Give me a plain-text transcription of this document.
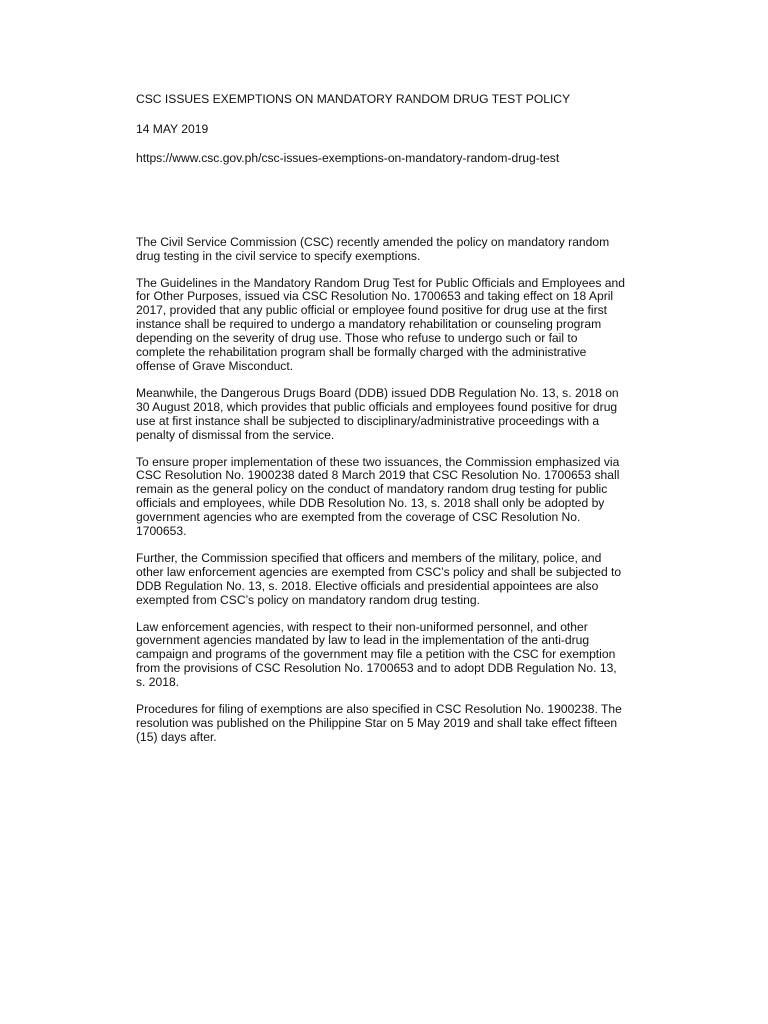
CSC ISSUES EXEMPTIONS ON MANDATORY RANDOM DRUG TEST POLICY

14 MAY 2019

https://www.csc.gov.ph/csc-issues-exemptions-on-mandatory-random-drug-test

The Civil Service Commission (CSC) recently amended the policy on mandatory random
drug testing in the civil service to specify exemptions.

The Guidelines in the Mandatory Random Drug Test for Public Officials and Employees and
for Other Purposes, issued via CSC Resolution No. 1700653 and taking effect on 18 April
2017, provided that any public official or employee found positive for drug use at the first
instance shall be required to undergo a mandatory rehabilitation or counseling program
depending on the severity of drug use. Those who refuse to undergo such or fail to
complete the rehabilitation program shall be formally charged with the administrative
offense of Grave Misconduct.

Meanwhile, the Dangerous Drugs Board (DDB) issued DDB Regulation No. 13, s. 2018 on
30 August 2018, which provides that public officials and employees found positive for drug
use at first instance shall be subjected to disciplinary/administrative proceedings with a
penalty of dismissal from the service.

To ensure proper implementation of these two issuances, the Commission emphasized via
CSC Resolution No. 1900238 dated 8 March 2019 that CSC Resolution No. 1700653 shall
remain as the general policy on the conduct of mandatory random drug testing for public
officials and employees, while DDB Resolution No. 13, s. 2018 shall only be adopted by
government agencies who are exempted from the coverage of CSC Resolution No.
1700653.

Further, the Commission specified that officers and members of the military, police, and
other law enforcement agencies are exempted from CSC’s policy and shall be subjected to
DDB Regulation No. 13, s. 2018. Elective officials and presidential appointees are also
exempted from CSC’s policy on mandatory random drug testing.

Law enforcement agencies, with respect to their non-uniformed personnel, and other
government agencies mandated by law to lead in the implementation of the anti-drug
campaign and programs of the government may file a petition with the CSC for exemption
from the provisions of CSC Resolution No. 1700653 and to adopt DDB Regulation No. 13,
s. 2018.

Procedures for filing of exemptions are also specified in CSC Resolution No. 1900238. The
resolution was published on the Philippine Star on 5 May 2019 and shall take effect fifteen
(15) days after.
